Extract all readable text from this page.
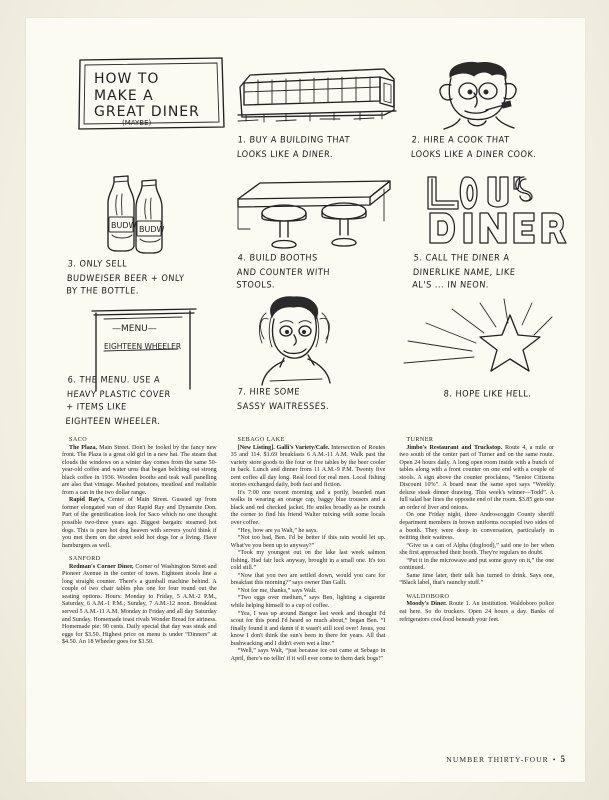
HOW TO
MAKE A
GREAT DINER
(MAYBE)
1. BUY A BUILDING THAT
LOOKS LIKE A DINER.
2. HIRE A COOK THAT
LOOKS LIKE A DINER COOK.
BUDW BUDW
3. ONLY SELL
BUDWEISER BEER + ONLY
BY THE BOTTLE.
4. BUILD BOOTHS
AND COUNTER WITH
STOOLS.
5. CALL THE DINER A
DINERLIKE NAME, LIKE
AL'S ... IN NEON.
—MENU—
EIGHTEEN WHEELER
6. THE MENU. USE A
HEAVY PLASTIC COVER
+ ITEMS LIKE
EIGHTEEN WHEELER.
7. HIRE SOME
SASSY WAITRESSES.
8. HOPE LIKE HELL.

SACO

The Plaza, Main Street. Don't be fooled by the fancy new front. The Plaza is a great old girl in a new hat. The steam that clouds the windows on a winter day comes from the same 50-year-old coffee and water urns that began belching out strong black coffee in 1936. Wooden booths and teak wall panelling are also that vintage. Mashed potatoes, meatloaf and realiable from a can in the two dollar range.

Rapid Ray's, Center of Main Street. Gussied up from former elongated van of duo Rapid Ray and Dynamite Don. Part of the gentrification look for Saco which no one thought possible two-three years ago. Biggest bargain: steamed hot dogs. This is pure hot dog heaven with servers you'd think if you met them on the street sold hot dogs for a living. Have hamburgers as well.

SANFORD

Redman's Corner Diner, Corner of Washington Street and Pioneer Avenue in the center of town. Eighteen stools line a long straight counter. There's a gumball machine behind. A couple of two chair tables plus one for four round out the seating options. Hours: Monday to Friday, 5 A.M.-2 P.M., Saturday, 6 A.M.-1 P.M.; Sunday, 7 A.M.-12 noon. Breakfast served 5 A.M.-11 A.M. Monday to Friday and all day Saturday and Sunday. Homemade toast rivals Wonder Bread for airiness. Homemade pie: 90 cents. Daily special that day was steak and eggs for $3.50. Highest price on menu is under “Dinners” at $4.50. An 18 Wheeler goes for $3.50.

SEBAGO LAKE

[New Listing]. Galli's Variety/Cafe. Intersection of Routes 35 and 114. $1.69 breakfasts 6 A.M.-11 A.M. Walk past the variety store goods to the four or five tables by the beer cooler in back. Lunch and dinner from 11 A.M.-9 P.M. Twenty five cent coffee all day long. Real food for real men. Local fishing stories exchanged daily, both fact and fiction.

It's 7:00 one recent morning and a portly, bearded man walks in wearing an orange cap, baggy blue trousers and a black and red checked jacket. He smiles broadly as he rounds the corner to find his friend Walter mixing with some locals over coffee.

“Hey, how are ya Walt,” he says.

“Not too bad, Ben. I'd be better if this rain would let up. What've you been up to anyway?”

“Took my youngest out on the lake last week salmon fishing. Had fair luck anyway, brought in a small one. It's too cold still.”

“Now that you two are settled down, would you care for breakfast this morning?” says owner Dan Galli.

“Not for me, thanks,” says Walt.

“Two eggs over medium,” says Ben, lighting a cigarette while helping himself to a cup of coffee.

“Yea, I was up around Bangor last week and thought I'd scout for this pond I'd heard so much about,” began Ben. “I finally found it and damn if it wasn't still iced over! Jesus, you know I don't think the sun's been in there for years. All that bushwacking and I didn't even wet a line.”

“Well,” says Walt, “just because ice out came at Sebago in April, there's no tellin' if it will ever come to them dark bogs!”

TURNER

Jimbo's Restaurant and Truckstop. Route 4, a mile or two south of the center part of Turner and on the same route. Open 24 hours daily. A long open room inside with a bunch of tables along with a front counter on one end with a couple of stools. A sign above the counter proclaims, “Senior Citizens Discount 10%”. A board near the same spot says “Weekly deluxe steak dinner drawing. This week's winner—Todd”. A full salad bar lines the opposite end of the room. $3.85 gets one an order of liver and onions.

On one Friday night, three Androscoggin County sheriff department members in brown uniforms occupied two sides of a booth. They were deep in conversation, particularly in twitting their waitress.

“Give us a can of Alpha (dogfood),” said one to her when she first approached their booth. They're regulars no doubt.

“Put it in the microwave and put some gravy on it,” the one continued.

Same time later, their talk has turned to drink. Says one, “Black label, that's raunchy stuff.”

WALDOBORO

Moody's Diner. Route 1. An institution. Waldoboro police eat here. So do truckers. Open 24 hours a day. Banks of refrigerators cool food beneath your feet.

NUMBER THIRTY-FOUR • 5
